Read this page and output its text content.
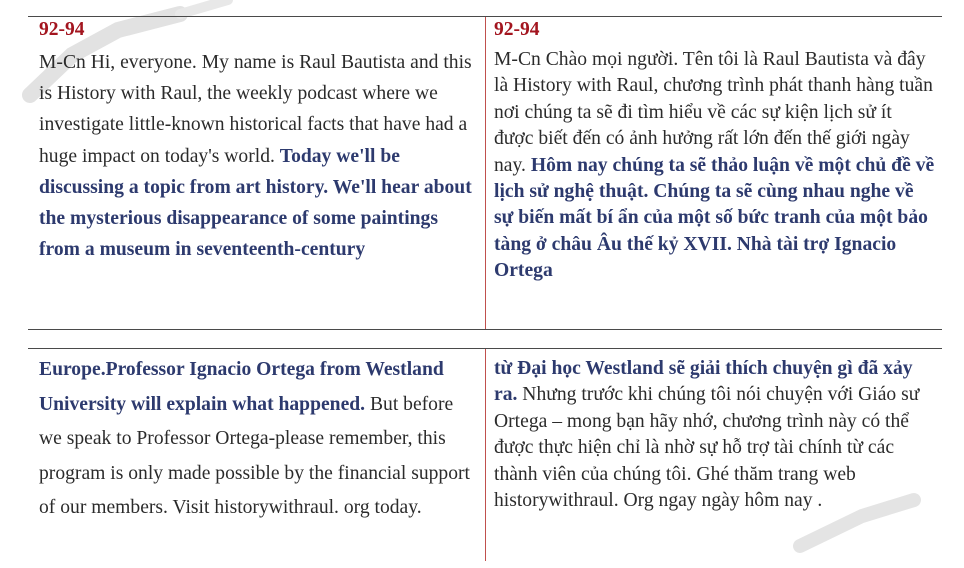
92-94
M-Cn Hi, everyone. My name is Raul Bautista and this is History with Raul, the weekly podcast where we investigate little-known historical facts that have had a huge impact on today's world. Today we'll be discussing a topic from art history. We'll hear about the mysterious disappearance of some paintings from a museum in seventeenth-century
92-94
M-Cn Chào mọi người. Tên tôi là Raul Bautista và đây là History with Raul, chương trình phát thanh hàng tuần nơi chúng ta sẽ đi tìm hiểu về các sự kiện lịch sử ít được biết đến có ảnh hưởng rất lớn đến thế giới ngày nay. Hôm nay chúng ta sẽ thảo luận về một chủ đề về lịch sử nghệ thuật. Chúng ta sẽ cùng nhau nghe về sự biến mất bí ẩn của một số bức tranh của một bảo tàng ở châu Âu thế kỷ XVII. Nhà tài trợ Ignacio Ortega
Europe.Professor Ignacio Ortega from Westland University will explain what happened. But before we speak to Professor Ortega-please remember, this program is only made possible by the financial support of our members. Visit historywithraul. org today.
từ Đại học Westland sẽ giải thích chuyện gì đã xảy ra. Nhưng trước khi chúng tôi nói chuyện với Giáo sư Ortega – mong bạn hãy nhớ, chương trình này có thể được thực hiện chỉ là nhờ sự hỗ trợ tài chính từ các thành viên của chúng tôi. Ghé thăm trang web historywithraul. Org ngay ngày hôm nay .
